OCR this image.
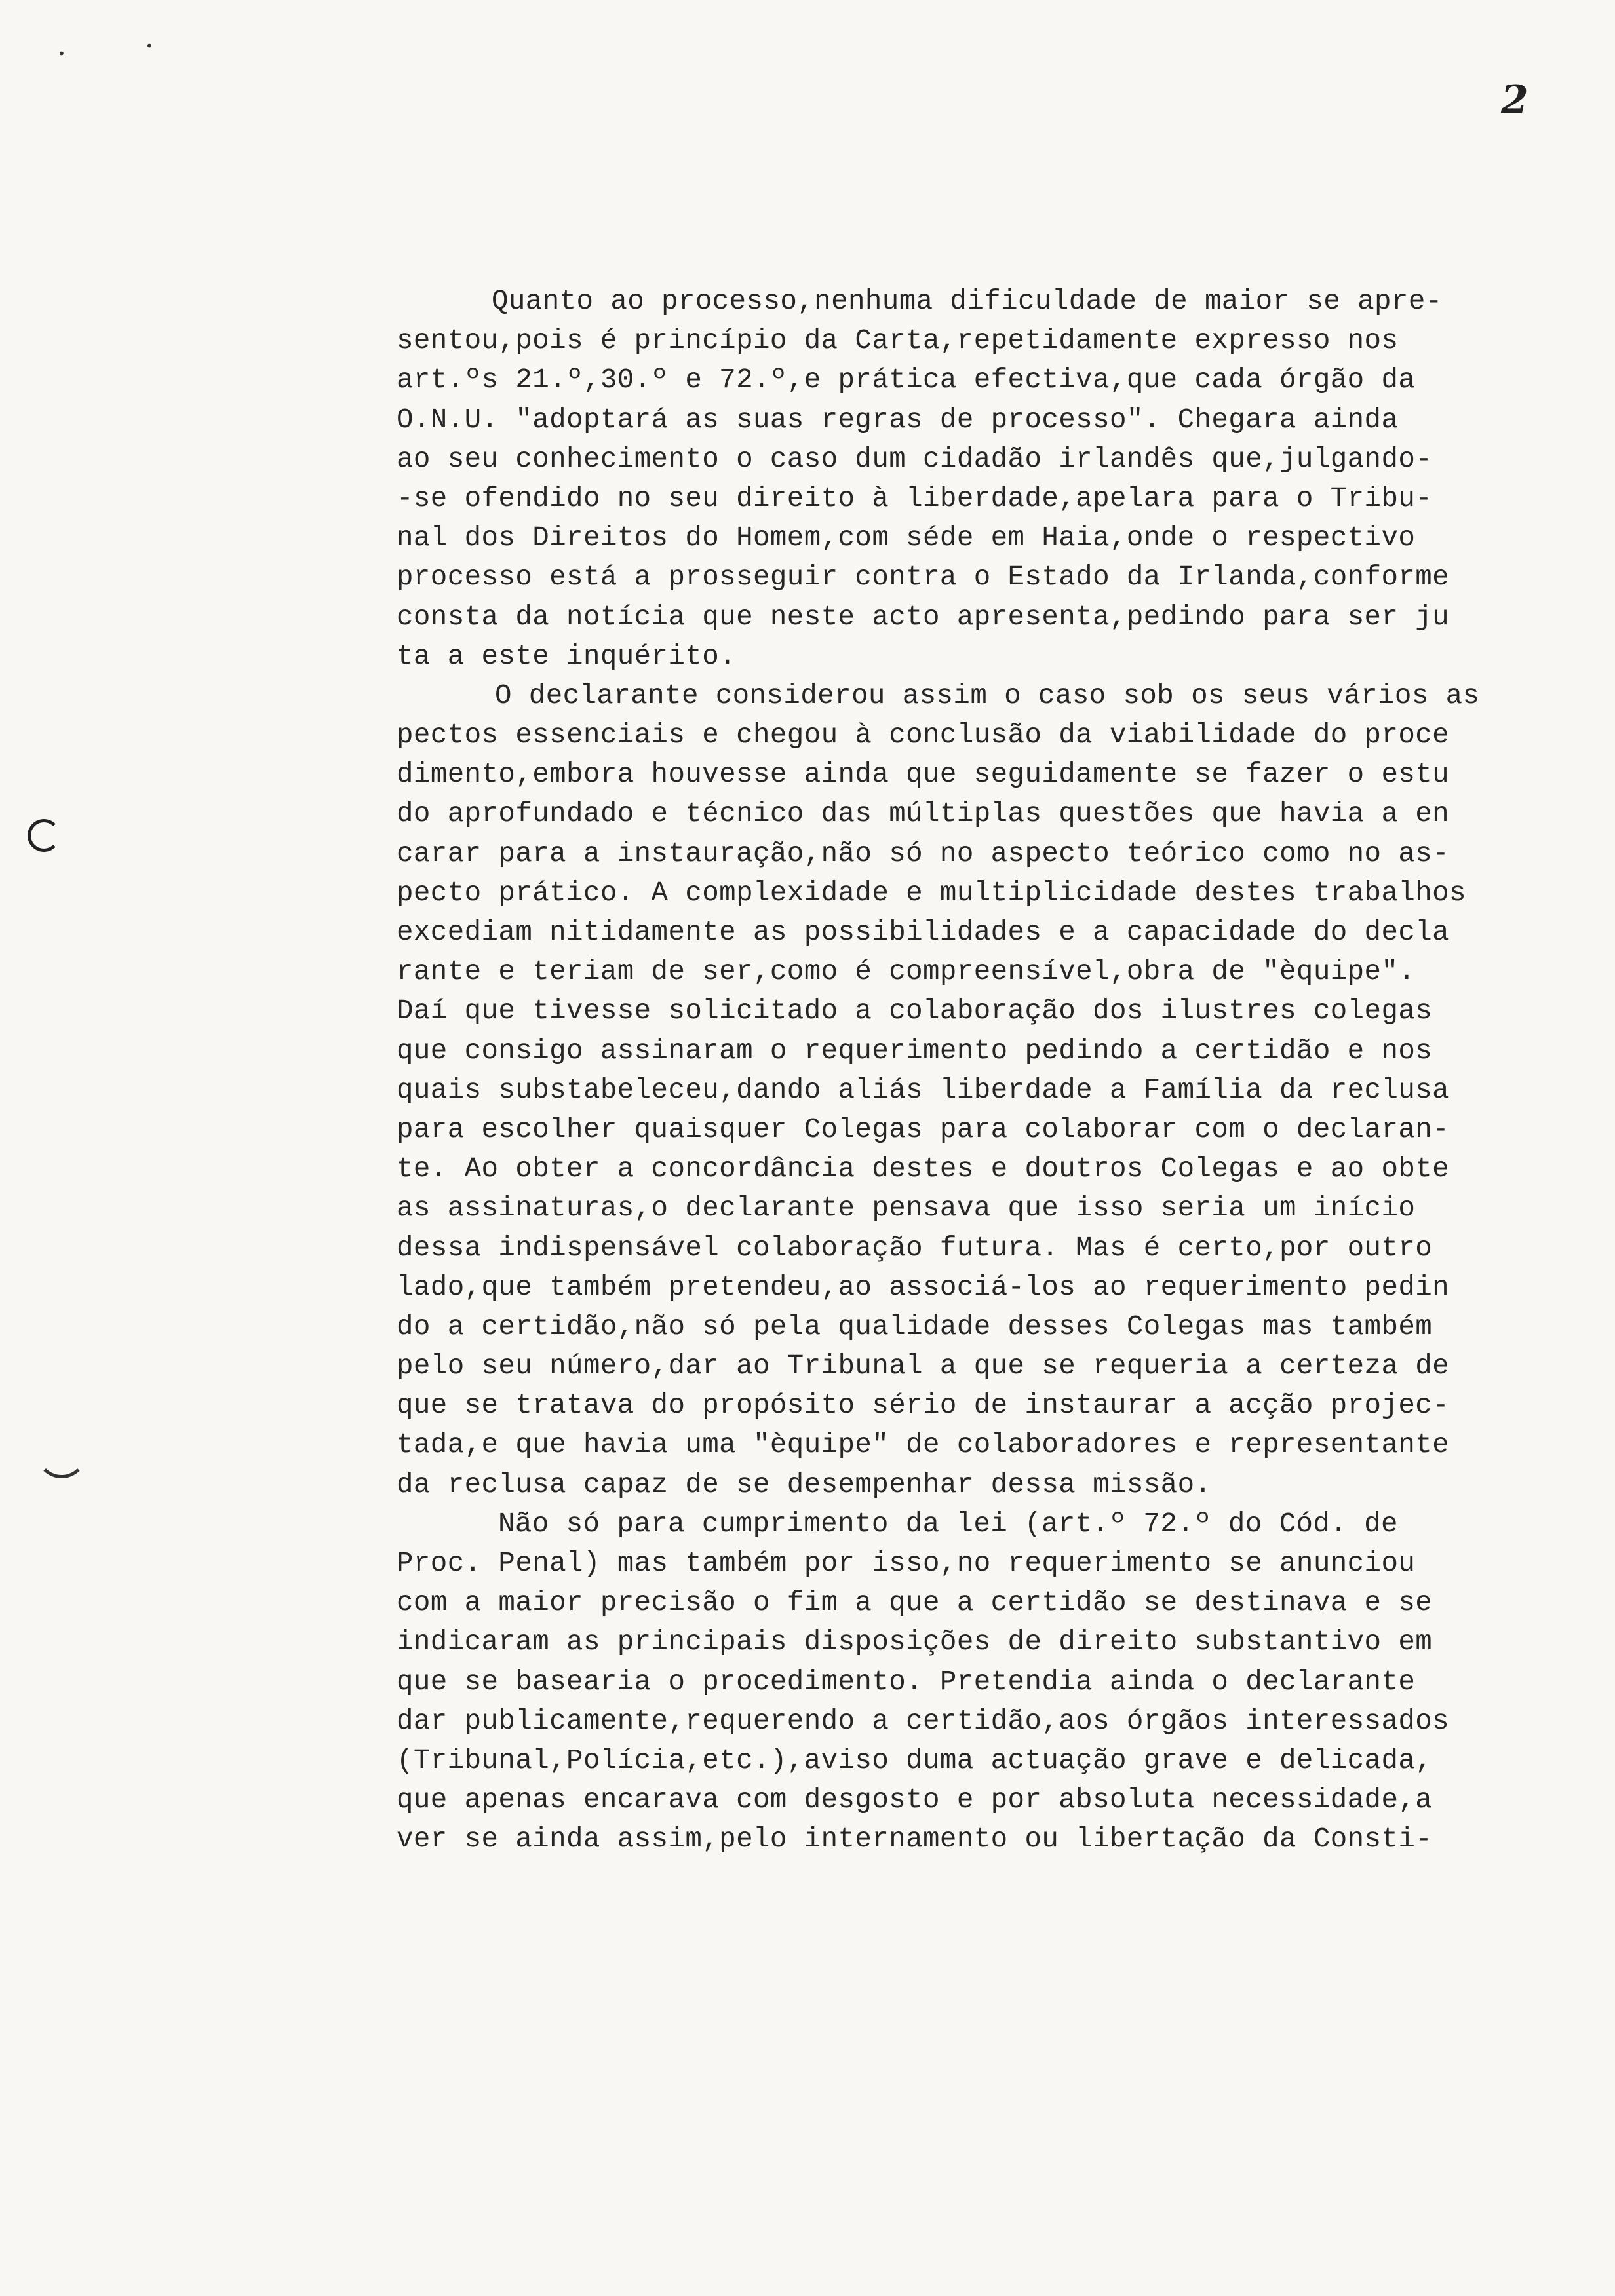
•	•
2
Quanto ao processo,nenhuma dificuldade de maior se apre-
sentou,pois é princípio da Carta,repetidamente expresso nos
art.ºs 21.º,30.º e 72.º,e prática efectiva,que cada órgão da
O.N.U. "adoptará as suas regras de processo". Chegara ainda
ao seu conhecimento o caso dum cidadão irlandês que,julgando-
-se ofendido no seu direito à liberdade,apelara para o Tribu-
nal dos Direitos do Homem,com séde em Haia,onde o respectivo
processo está a prosseguir contra o Estado da Irlanda,conforme
consta da notícia que neste acto apresenta,pedindo para ser ju
ta a este inquérito.
O declarante considerou assim o caso sob os seus vários as
pectos essenciais e chegou à conclusão da viabilidade do proce
dimento,embora houvesse ainda que seguidamente se fazer o estu
do aprofundado e técnico das múltiplas questões que havia a en
carar para a instauração,não só no aspecto teórico como no as-
pecto prático. A complexidade e multiplicidade destes trabalhos
excediam nitidamente as possibilidades e a capacidade do decla
rante e teriam de ser,como é compreensível,obra de "èquipe".
Daí que tivesse solicitado a colaboração dos ilustres colegas
que consigo assinaram o requerimento pedindo a certidão e nos
quais substabeleceu,dando aliás liberdade a Família da reclusa
para escolher quaisquer Colegas para colaborar com o declaran-
te. Ao obter a concordância destes e doutros Colegas e ao obte
as assinaturas,o declarante pensava que isso seria um início
dessa indispensável colaboração futura. Mas é certo,por outro
lado,que também pretendeu,ao associá-los ao requerimento pedin
do a certidão,não só pela qualidade desses Colegas mas também
pelo seu número,dar ao Tribunal a que se requeria a certeza de
que se tratava do propósito sério de instaurar a acção projec-
tada,e que havia uma "èquipe" de colaboradores e representante
da reclusa capaz de se desempenhar dessa missão.
Não só para cumprimento da lei (art.º 72.º do Cód. de
Proc. Penal) mas também por isso,no requerimento se anunciou
com a maior precisão o fim a que a certidão se destinava e se
indicaram as principais disposições de direito substantivo em
que se basearia o procedimento. Pretendia ainda o declarante
dar publicamente,requerendo a certidão,aos órgãos interessados
(Tribunal,Polícia,etc.),aviso duma actuação grave e delicada,
que apenas encarava com desgosto e por absoluta necessidade,a
ver se ainda assim,pelo internamento ou libertação da Consti-
